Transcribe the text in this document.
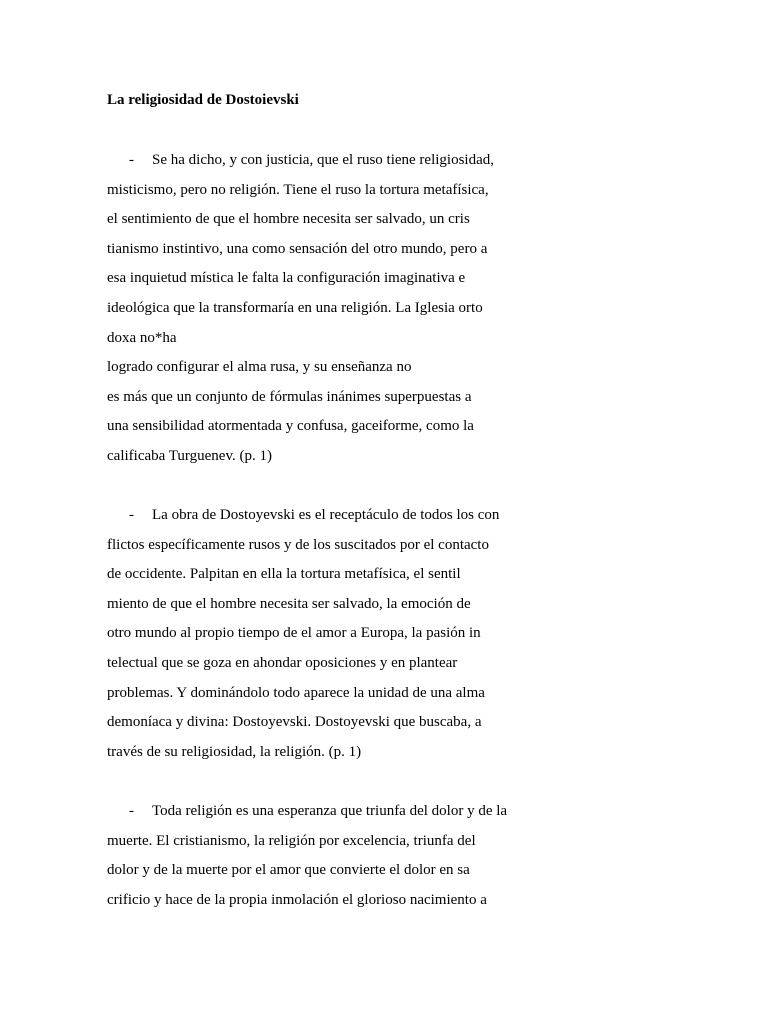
La religiosidad de Dostoievski
- Se ha dicho, y con justicia, que el ruso tiene religiosidad,
misticismo, pero no religión. Tiene el ruso la tortura metafísica,
el sentimiento de que el hombre necesita ser salvado, un cris
tianismo instintivo, una como sensación del otro mundo, pero a
esa inquietud mística le falta la configuración imaginativa e
ideológica que la transformaría en una religión. La Iglesia orto
doxa no*ha
logrado configurar el alma rusa, y su enseñanza no
es más que un conjunto de fórmulas inánimes superpuestas a
una sensibilidad atormentada y confusa, gaceiforme, como la
calificaba Turguenev. (p. 1)
- La obra de Dostoyevski es el receptáculo de todos los con
flictos específicamente rusos y de los suscitados por el contacto
de occidente. Palpitan en ella la tortura metafísica, el sentil
miento de que el hombre necesita ser salvado, la emoción de
otro mundo al propio tiempo de el amor a Europa, la pasión in
telectual que se goza en ahondar oposiciones y en plantear
problemas. Y dominándolo todo aparece la unidad de una alma
demoníaca y divina: Dostoyevski. Dostoyevski que buscaba, a
través de su religiosidad, la religión. (p. 1)
- Toda religión es una esperanza que triunfa del dolor y de la
muerte. El cristianismo, la religión por excelencia, triunfa del
dolor y de la muerte por el amor que convierte el dolor en sa
crificio y hace de la propia inmolación el glorioso nacimiento a
